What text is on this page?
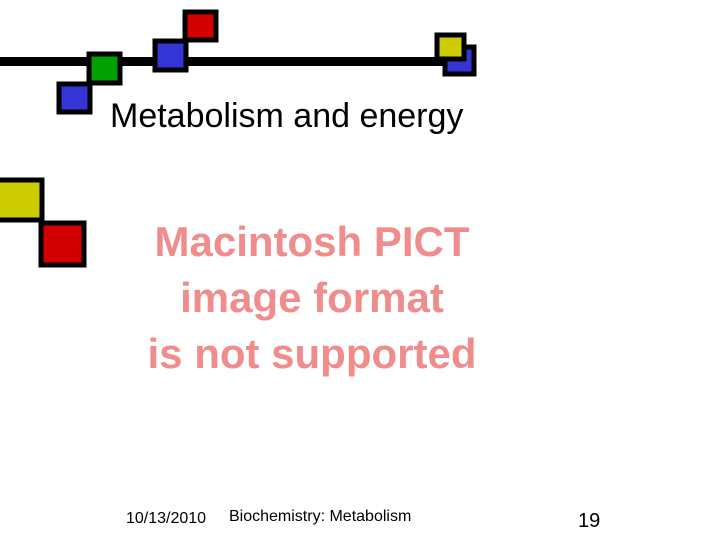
Metabolism and energy
Macintosh PICT
image format
is not supported
10/13/2010 Biochemistry: Metabolism	19
